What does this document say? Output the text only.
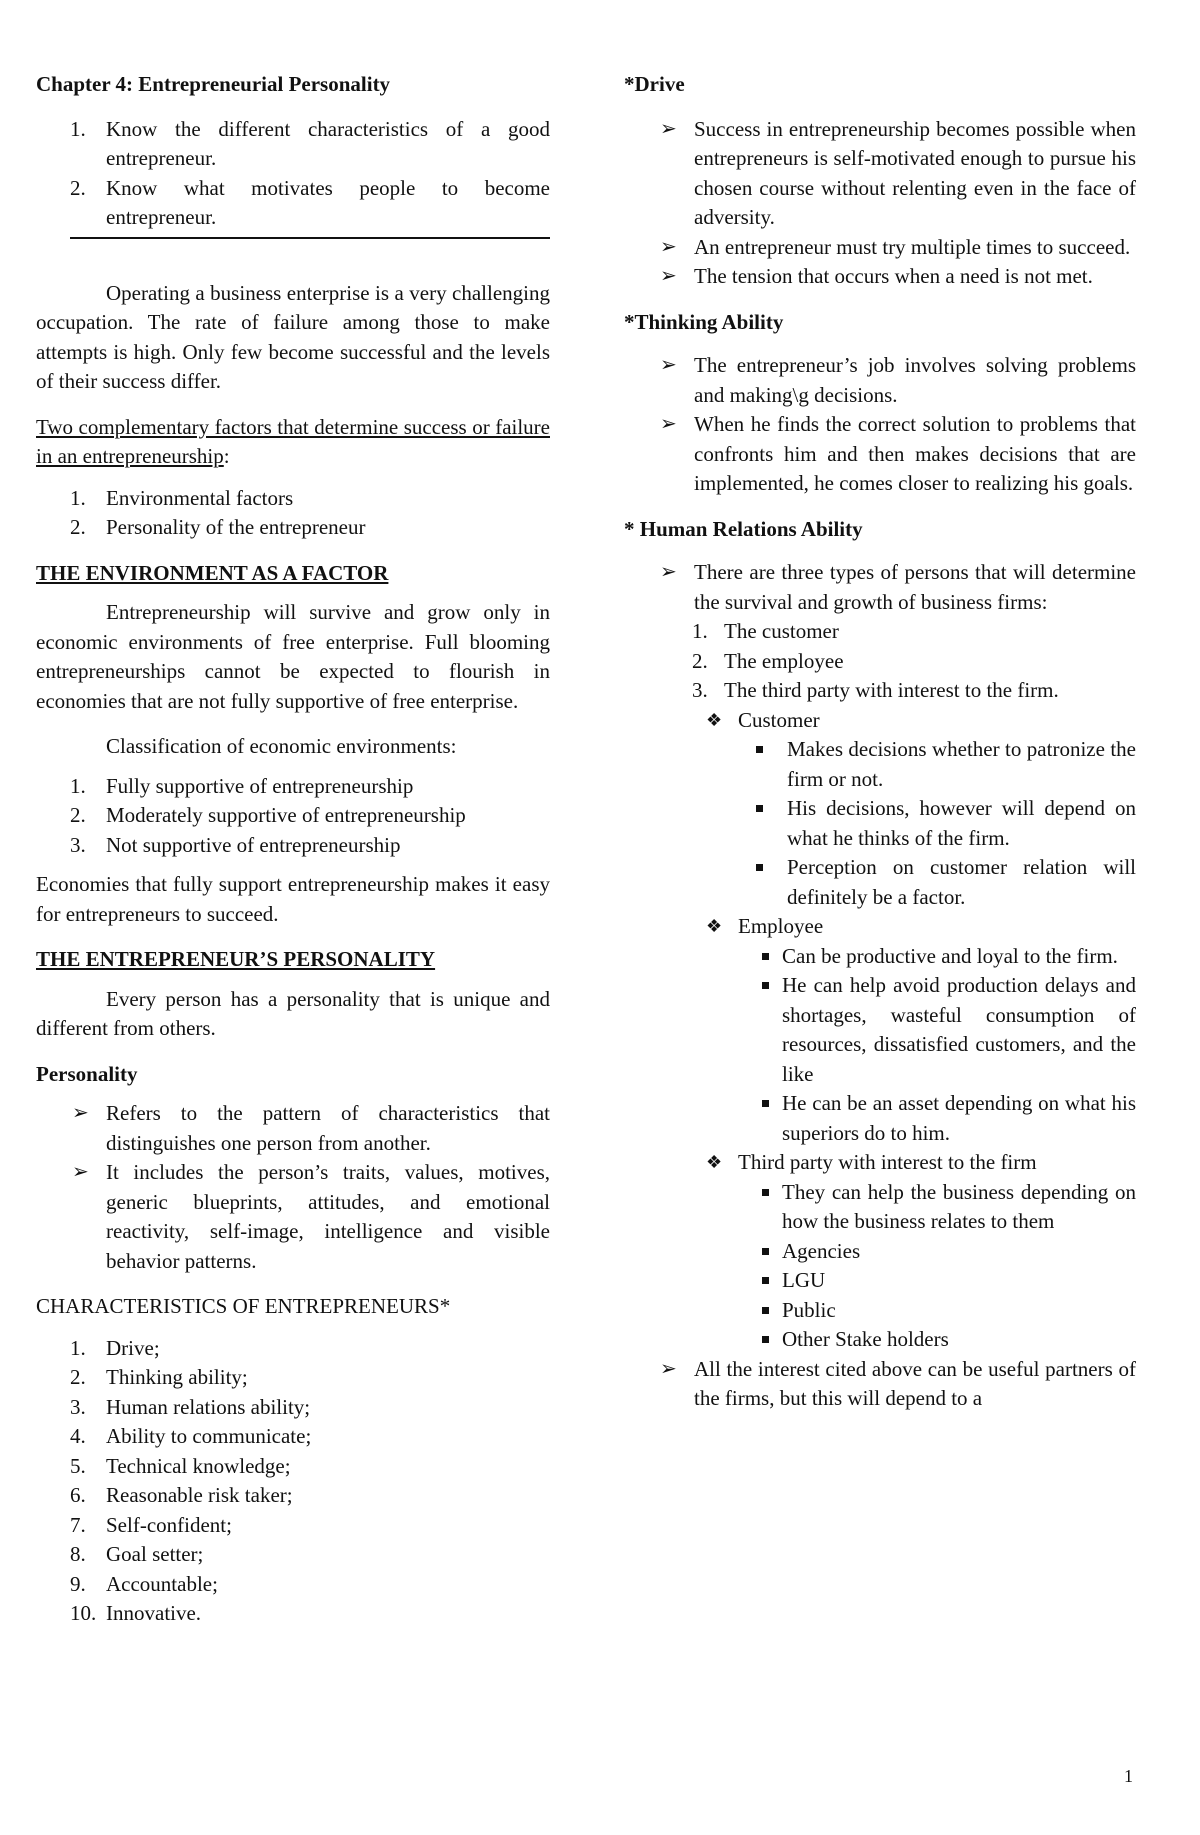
Chapter 4: Entrepreneurial Personality

1. Know the different characteristics of a good entrepreneur.
2. Know what motivates people to become entrepreneur.

Operating a business enterprise is a very challenging occupation. The rate of failure among those to make attempts is high. Only few become successful and the levels of their success differ.

Two complementary factors that determine success or failure in an entrepreneurship:

1. Environmental factors
2. Personality of the entrepreneur

THE ENVIRONMENT AS A FACTOR

Entrepreneurship will survive and grow only in economic environments of free enterprise. Full blooming entrepreneurships cannot be expected to flourish in economies that are not fully supportive of free enterprise.

Classification of economic environments:

1. Fully supportive of entrepreneurship
2. Moderately supportive of entrepreneurship
3. Not supportive of entrepreneurship

Economies that fully support entrepreneurship makes it easy for entrepreneurs to succeed.

THE ENTREPRENEUR’S PERSONALITY

Every person has a personality that is unique and different from others.

Personality

➢ Refers to the pattern of characteristics that distinguishes one person from another.
➢ It includes the person’s traits, values, motives, generic blueprints, attitudes, and emotional reactivity, self-image, intelligence and visible behavior patterns.

CHARACTERISTICS OF ENTREPRENEURS*

1. Drive;
2. Thinking ability;
3. Human relations ability;
4. Ability to communicate;
5. Technical knowledge;
6. Reasonable risk taker;
7. Self-confident;
8. Goal setter;
9. Accountable;
10. Innovative.

*Drive

➢ Success in entrepreneurship becomes possible when entrepreneurs is self-motivated enough to pursue his chosen course without relenting even in the face of adversity.
➢ An entrepreneur must try multiple times to succeed.
➢ The tension that occurs when a need is not met.

*Thinking Ability

➢ The entrepreneur’s job involves solving problems and making\g decisions.
➢ When he finds the correct solution to problems that confronts him and then makes decisions that are implemented, he comes closer to realizing his goals.

* Human Relations Ability

➢ There are three types of persons that will determine the survival and growth of business firms:
1. The customer
2. The employee
3. The third party with interest to the firm.
❖ Customer
Makes decisions whether to patronize the firm or not.
His decisions, however will depend on what he thinks of the firm.
Perception on customer relation will definitely be a factor.
❖ Employee
Can be productive and loyal to the firm.
He can help avoid production delays and shortages, wasteful consumption of resources, dissatisfied customers, and the like
He can be an asset depending on what his superiors do to him.
❖ Third party with interest to the firm
They can help the business depending on how the business relates to them
Agencies
LGU
Public
Other Stake holders
➢ All the interest cited above can be useful partners of the firms, but this will depend to a
1
